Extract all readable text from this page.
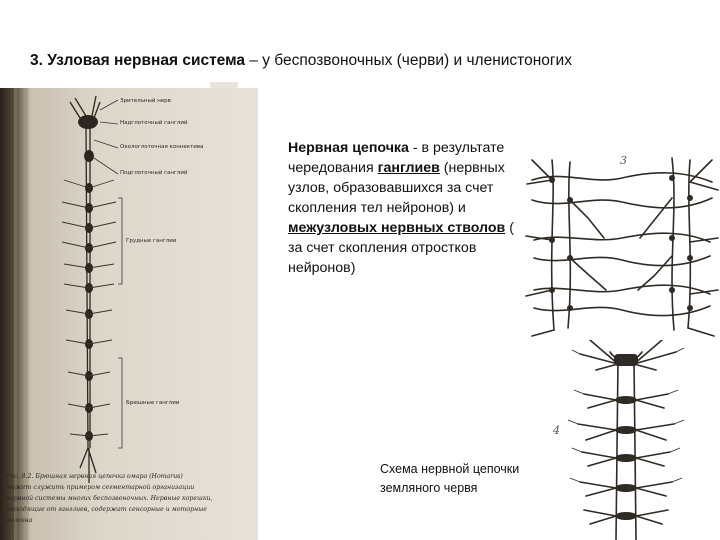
3. Узловая нервная система – у беспозвоночных (черви) и членистоногих
Зрительный нерв
Надглоточный ганглий
Окологлоточная коннектива
Подглоточный ганглий
Грудные ганглии
Брюшные ганглии
Рис. 8.2. Брюшная нервная цепочка омара (Homarus)
может служить примером сегментарной организации
нервной системы многих беспозвоночных. Нервные корешки,
отходящие от ганглиев, содержат сенсорные и моторные
волокна
Нервная цепочка - в результате чередования ганглиев (нервных узлов, образовавшихся за счет скопления тел нейронов) и межузловых нервных стволов ( за счет скопления отростков нейронов)
3
4
Схема нервной цепочки земляного червя
